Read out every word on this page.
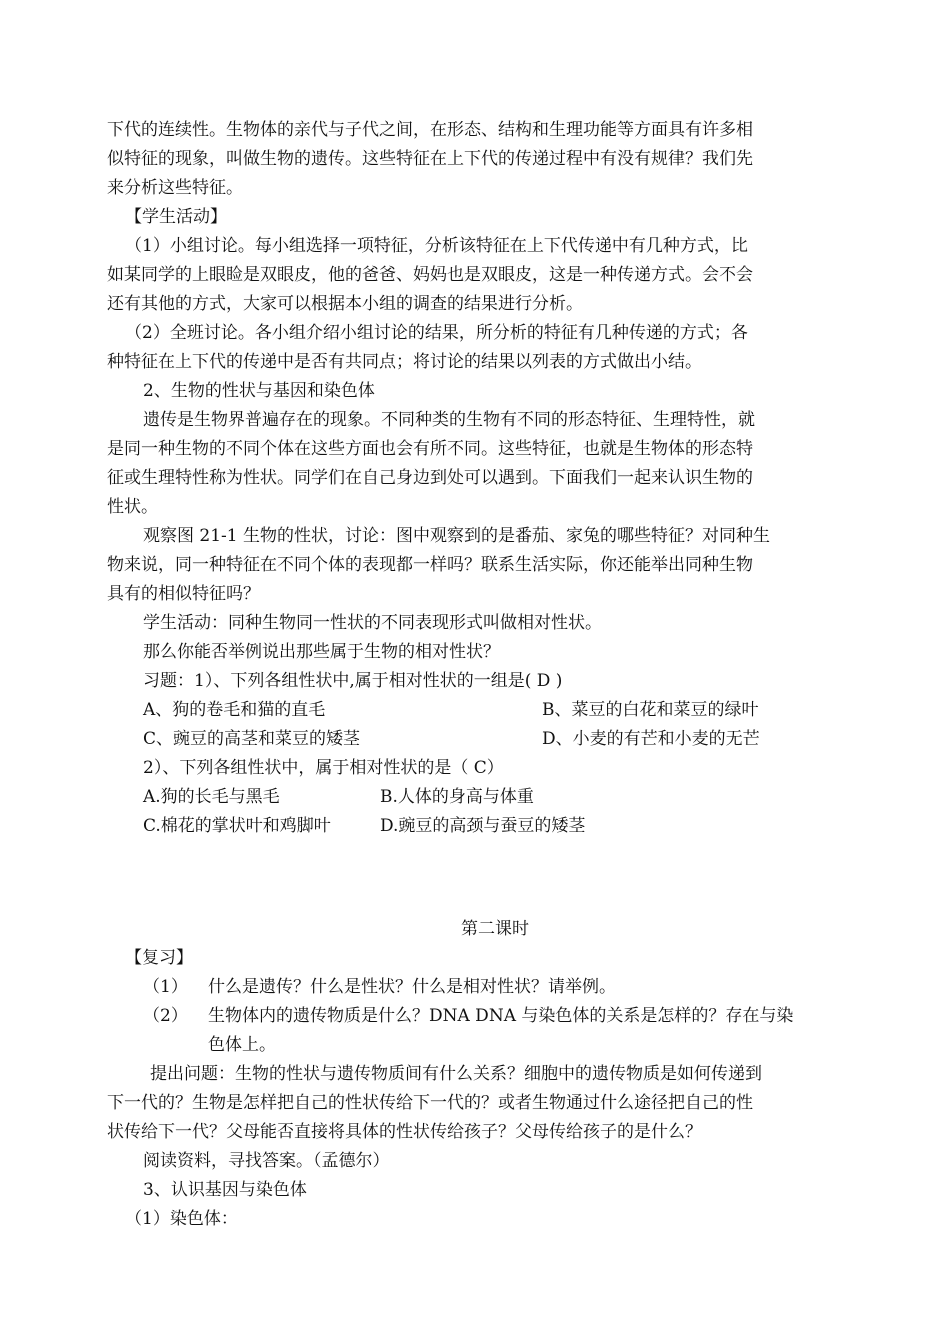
下代的连续性。生物体的亲代与子代之间，在形态、结构和生理功能等方面具有许多相
似特征的现象，叫做生物的遗传。这些特征在上下代的传递过程中有没有规律？我们先
来分析这些特征。
【学生活动】
（1）小组讨论。每小组选择一项特征，分析该特征在上下代传递中有几种方式，比
如某同学的上眼睑是双眼皮，他的爸爸、妈妈也是双眼皮，这是一种传递方式。会不会
还有其他的方式，大家可以根据本小组的调查的结果进行分析。
（2）全班讨论。各小组介绍小组讨论的结果，所分析的特征有几种传递的方式；各
种特征在上下代的传递中是否有共同点；将讨论的结果以列表的方式做出小结。
2、生物的性状与基因和染色体
遗传是生物界普遍存在的现象。不同种类的生物有不同的形态特征、生理特性，就
是同一种生物的不同个体在这些方面也会有所不同。这些特征，也就是生物体的形态特
征或生理特性称为性状。同学们在自己身边到处可以遇到。下面我们一起来认识生物的
性状。
观察图 21-1 生物的性状，讨论：图中观察到的是番茄、家兔的哪些特征？对同种生
物来说，同一种特征在不同个体的表现都一样吗？联系生活实际，你还能举出同种生物
具有的相似特征吗？
学生活动：同种生物同一性状的不同表现形式叫做相对性状。
那么你能否举例说出那些属于生物的相对性状？
习题：1）、下列各组性状中,属于相对性状的一组是( D )
A、狗的卷毛和猫的直毛	B、菜豆的白花和菜豆的绿叶
C、豌豆的高茎和菜豆的矮茎	D、小麦的有芒和小麦的无芒
2）、下列各组性状中，属于相对性状的是（ C）
A.狗的长毛与黑毛	B.人体的身高与体重
C.棉花的掌状叶和鸡脚叶	D.豌豆的高颈与蚕豆的矮茎
第二课时
【复习】
（1）	什么是遗传？什么是性状？什么是相对性状？请举例。
（2）	生物体内的遗传物质是什么？DNA DNA 与染色体的关系是怎样的？存在与染
色体上。
提出问题：生物的性状与遗传物质间有什么关系？细胞中的遗传物质是如何传递到
下一代的？生物是怎样把自己的性状传给下一代的？或者生物通过什么途径把自己的性
状传给下一代？父母能否直接将具体的性状传给孩子？父母传给孩子的是什么？
阅读资料，寻找答案。（孟德尔）
3、认识基因与染色体
（1）染色体：
